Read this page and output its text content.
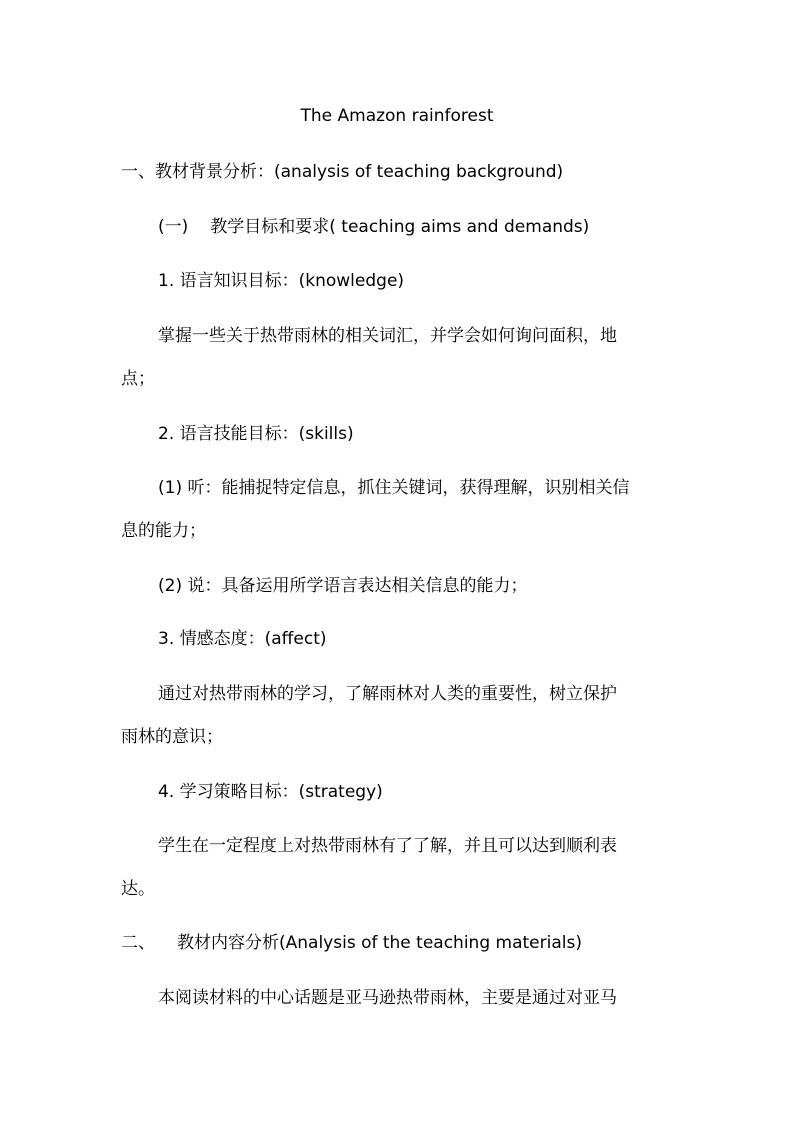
The Amazon rainforest

一、教材背景分析：(analysis of teaching background)

(一) 教学目标和要求( teaching aims and demands)

1. 语言知识目标：(knowledge)

掌握一些关于热带雨林的相关词汇，并学会如何询问面积，地

点；

2. 语言技能目标：(skills)

(1) 听：能捕捉特定信息，抓住关键词，获得理解，识别相关信

息的能力；

(2) 说：具备运用所学语言表达相关信息的能力；

3. 情感态度：(affect)

通过对热带雨林的学习，了解雨林对人类的重要性，树立保护

雨林的意识；

4. 学习策略目标：(strategy)

学生在一定程度上对热带雨林有了了解，并且可以达到顺利表

达。

二、 教材内容分析(Analysis of the teaching materials)

本阅读材料的中心话题是亚马逊热带雨林，主要是通过对亚马
